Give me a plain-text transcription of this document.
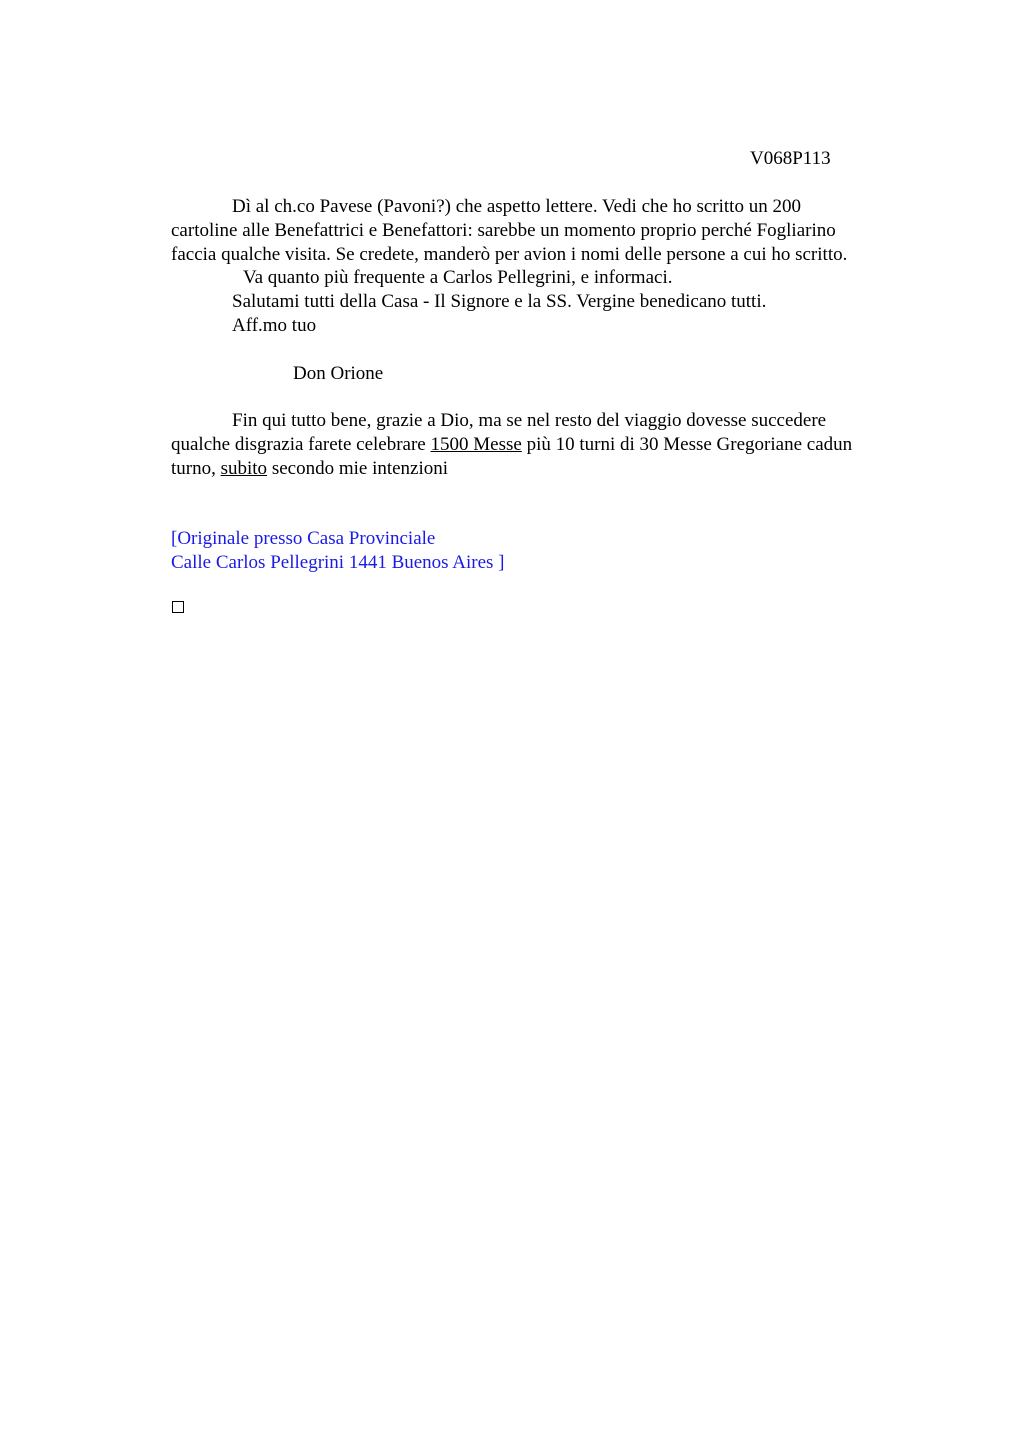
V068P113
Dì al ch.co Pavese (Pavoni?) che aspetto lettere. Vedi che ho scritto un 200
cartoline alle Benefattrici e Benefattori: sarebbe un momento proprio perché Fogliarino
faccia qualche visita. Se credete, manderò per avion i nomi delle persone a cui ho scritto.
Va quanto più frequente a Carlos Pellegrini, e informaci.
Salutami tutti della Casa - Il Signore e la SS. Vergine benedicano tutti.
Aff.mo tuo
Don Orione
Fin qui tutto bene, grazie a Dio, ma se nel resto del viaggio dovesse succedere
qualche disgrazia farete celebrare 1500 Messe più 10 turni di 30 Messe Gregoriane cadun
turno, subito secondo mie intenzioni
[Originale presso Casa Provinciale
Calle Carlos Pellegrini 1441 Buenos Aires ]
